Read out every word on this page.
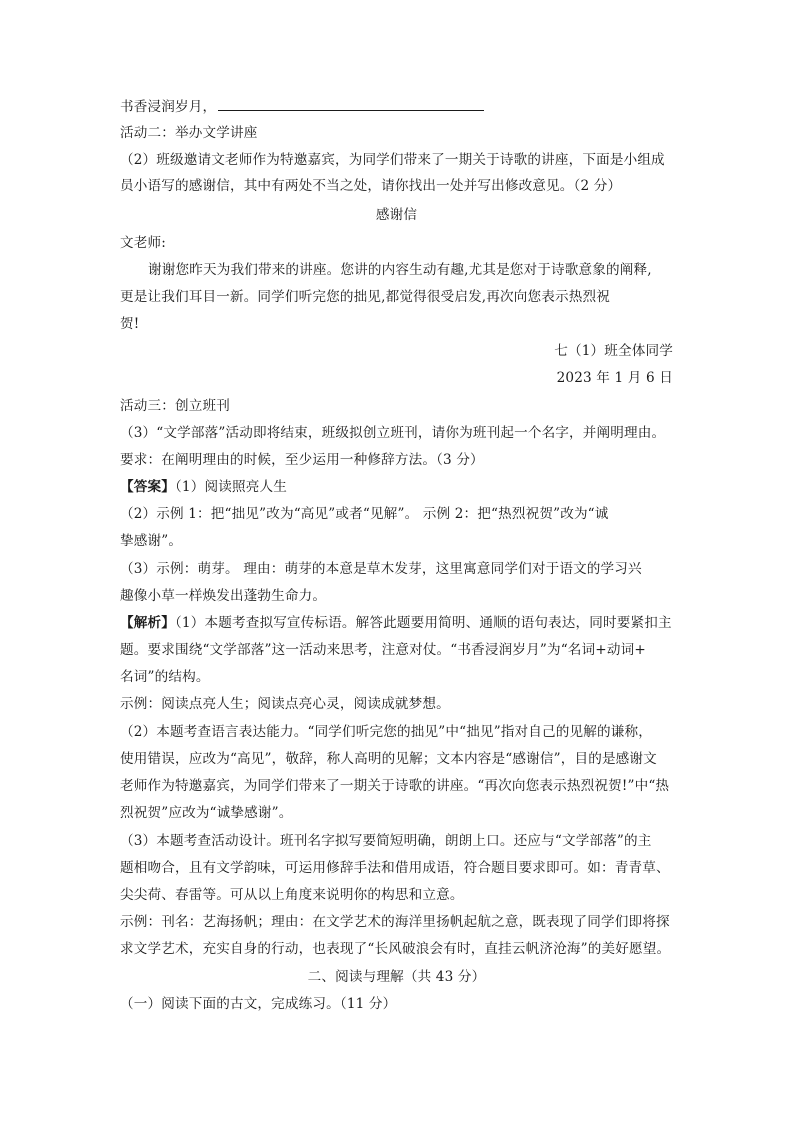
书香浸润岁月，
活动二：举办文学讲座
（2）班级邀请文老师作为特邀嘉宾，为同学们带来了一期关于诗歌的讲座，下面是小组成
员小语写的感谢信，其中有两处不当之处，请你找出一处并写出修改意见。（2 分）
感谢信
文老师:
谢谢您昨天为我们带来的讲座。您讲的内容生动有趣,尤其是您对于诗歌意象的阐释,
更是让我们耳目一新。同学们听完您的拙见,都觉得很受启发,再次向您表示热烈祝
贺!
七（1）班全体同学
2023 年 1 月 6 日
活动三：创立班刊
（3）“文学部落”活动即将结束，班级拟创立班刊，请你为班刊起一个名字，并阐明理由。
要求：在阐明理由的时候，至少运用一种修辞方法。（3 分）
【答案】（1）阅读照亮人生
（2）示例 1：把“拙见”改为“高见”或者“见解”。 示例 2：把“热烈祝贺”改为“诚
挚感谢”。
（3）示例：萌芽。 理由：萌芽的本意是草木发芽，这里寓意同学们对于语文的学习兴
趣像小草一样焕发出蓬勃生命力。
【解析】（1）本题考查拟写宣传标语。解答此题要用简明、通顺的语句表达，同时要紧扣主
题。要求围绕“文学部落”这一活动来思考，注意对仗。“书香浸润岁月”为“名词+动词+
名词”的结构。
示例：阅读点亮人生；阅读点亮心灵，阅读成就梦想。
（2）本题考查语言表达能力。“同学们听完您的拙见”中“拙见”指对自己的见解的谦称，
使用错误，应改为“高见”，敬辞，称人高明的见解；文本内容是“感谢信”，目的是感谢文
老师作为特邀嘉宾，为同学们带来了一期关于诗歌的讲座。“再次向您表示热烈祝贺!”中“热
烈祝贺”应改为“诚挚感谢”。
（3）本题考查活动设计。班刊名字拟写要简短明确，朗朗上口。还应与“文学部落”的主
题相吻合，且有文学韵味，可运用修辞手法和借用成语，符合题目要求即可。如：青青草、
尖尖荷、春雷等。可从以上角度来说明你的构思和立意。
示例：刊名：艺海扬帆；理由：在文学艺术的海洋里扬帆起航之意，既表现了同学们即将探
求文学艺术，充实自身的行动，也表现了“长风破浪会有时，直挂云帆济沧海”的美好愿望。
二、阅读与理解（共 43 分）
（一）阅读下面的古文，完成练习。（11 分）
